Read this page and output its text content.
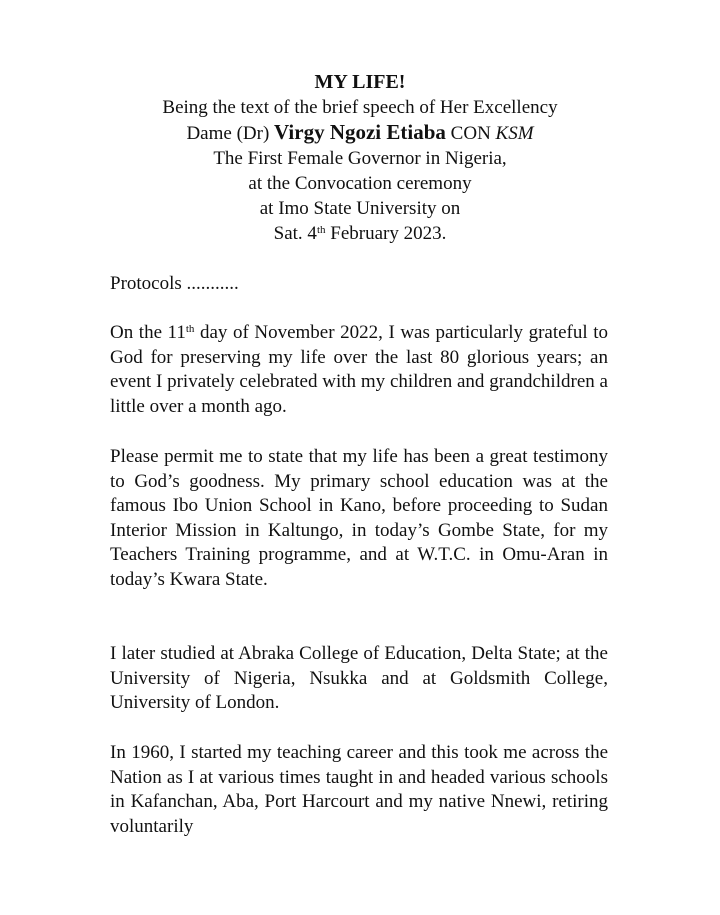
MY LIFE!
Being the text of the brief speech of Her Excellency
Dame (Dr) Virgy Ngozi Etiaba CON KSM
The First Female Governor in Nigeria,
at the Convocation ceremony
at Imo State University on
Sat. 4th February 2023.
Protocols ...........

On the 11th day of November 2022, I was particularly grateful to God for preserving my life over the last 80 glorious years; an event I privately celebrated with my children and grandchildren a little over a month ago.

Please permit me to state that my life has been a great testimony to God’s goodness. My primary school education was at the famous Ibo Union School in Kano, before proceeding to Sudan Interior Mission in Kaltungo, in today’s Gombe State, for my Teachers Training programme, and at W.T.C. in Omu-Aran in today’s Kwara State.

I later studied at Abraka College of Education, Delta State; at the University of Nigeria, Nsukka and at Goldsmith College, University of London.

In 1960, I started my teaching career and this took me across the Nation as I at various times taught in and headed various schools in Kafanchan, Aba, Port Harcourt and my native Nnewi, retiring voluntarily
